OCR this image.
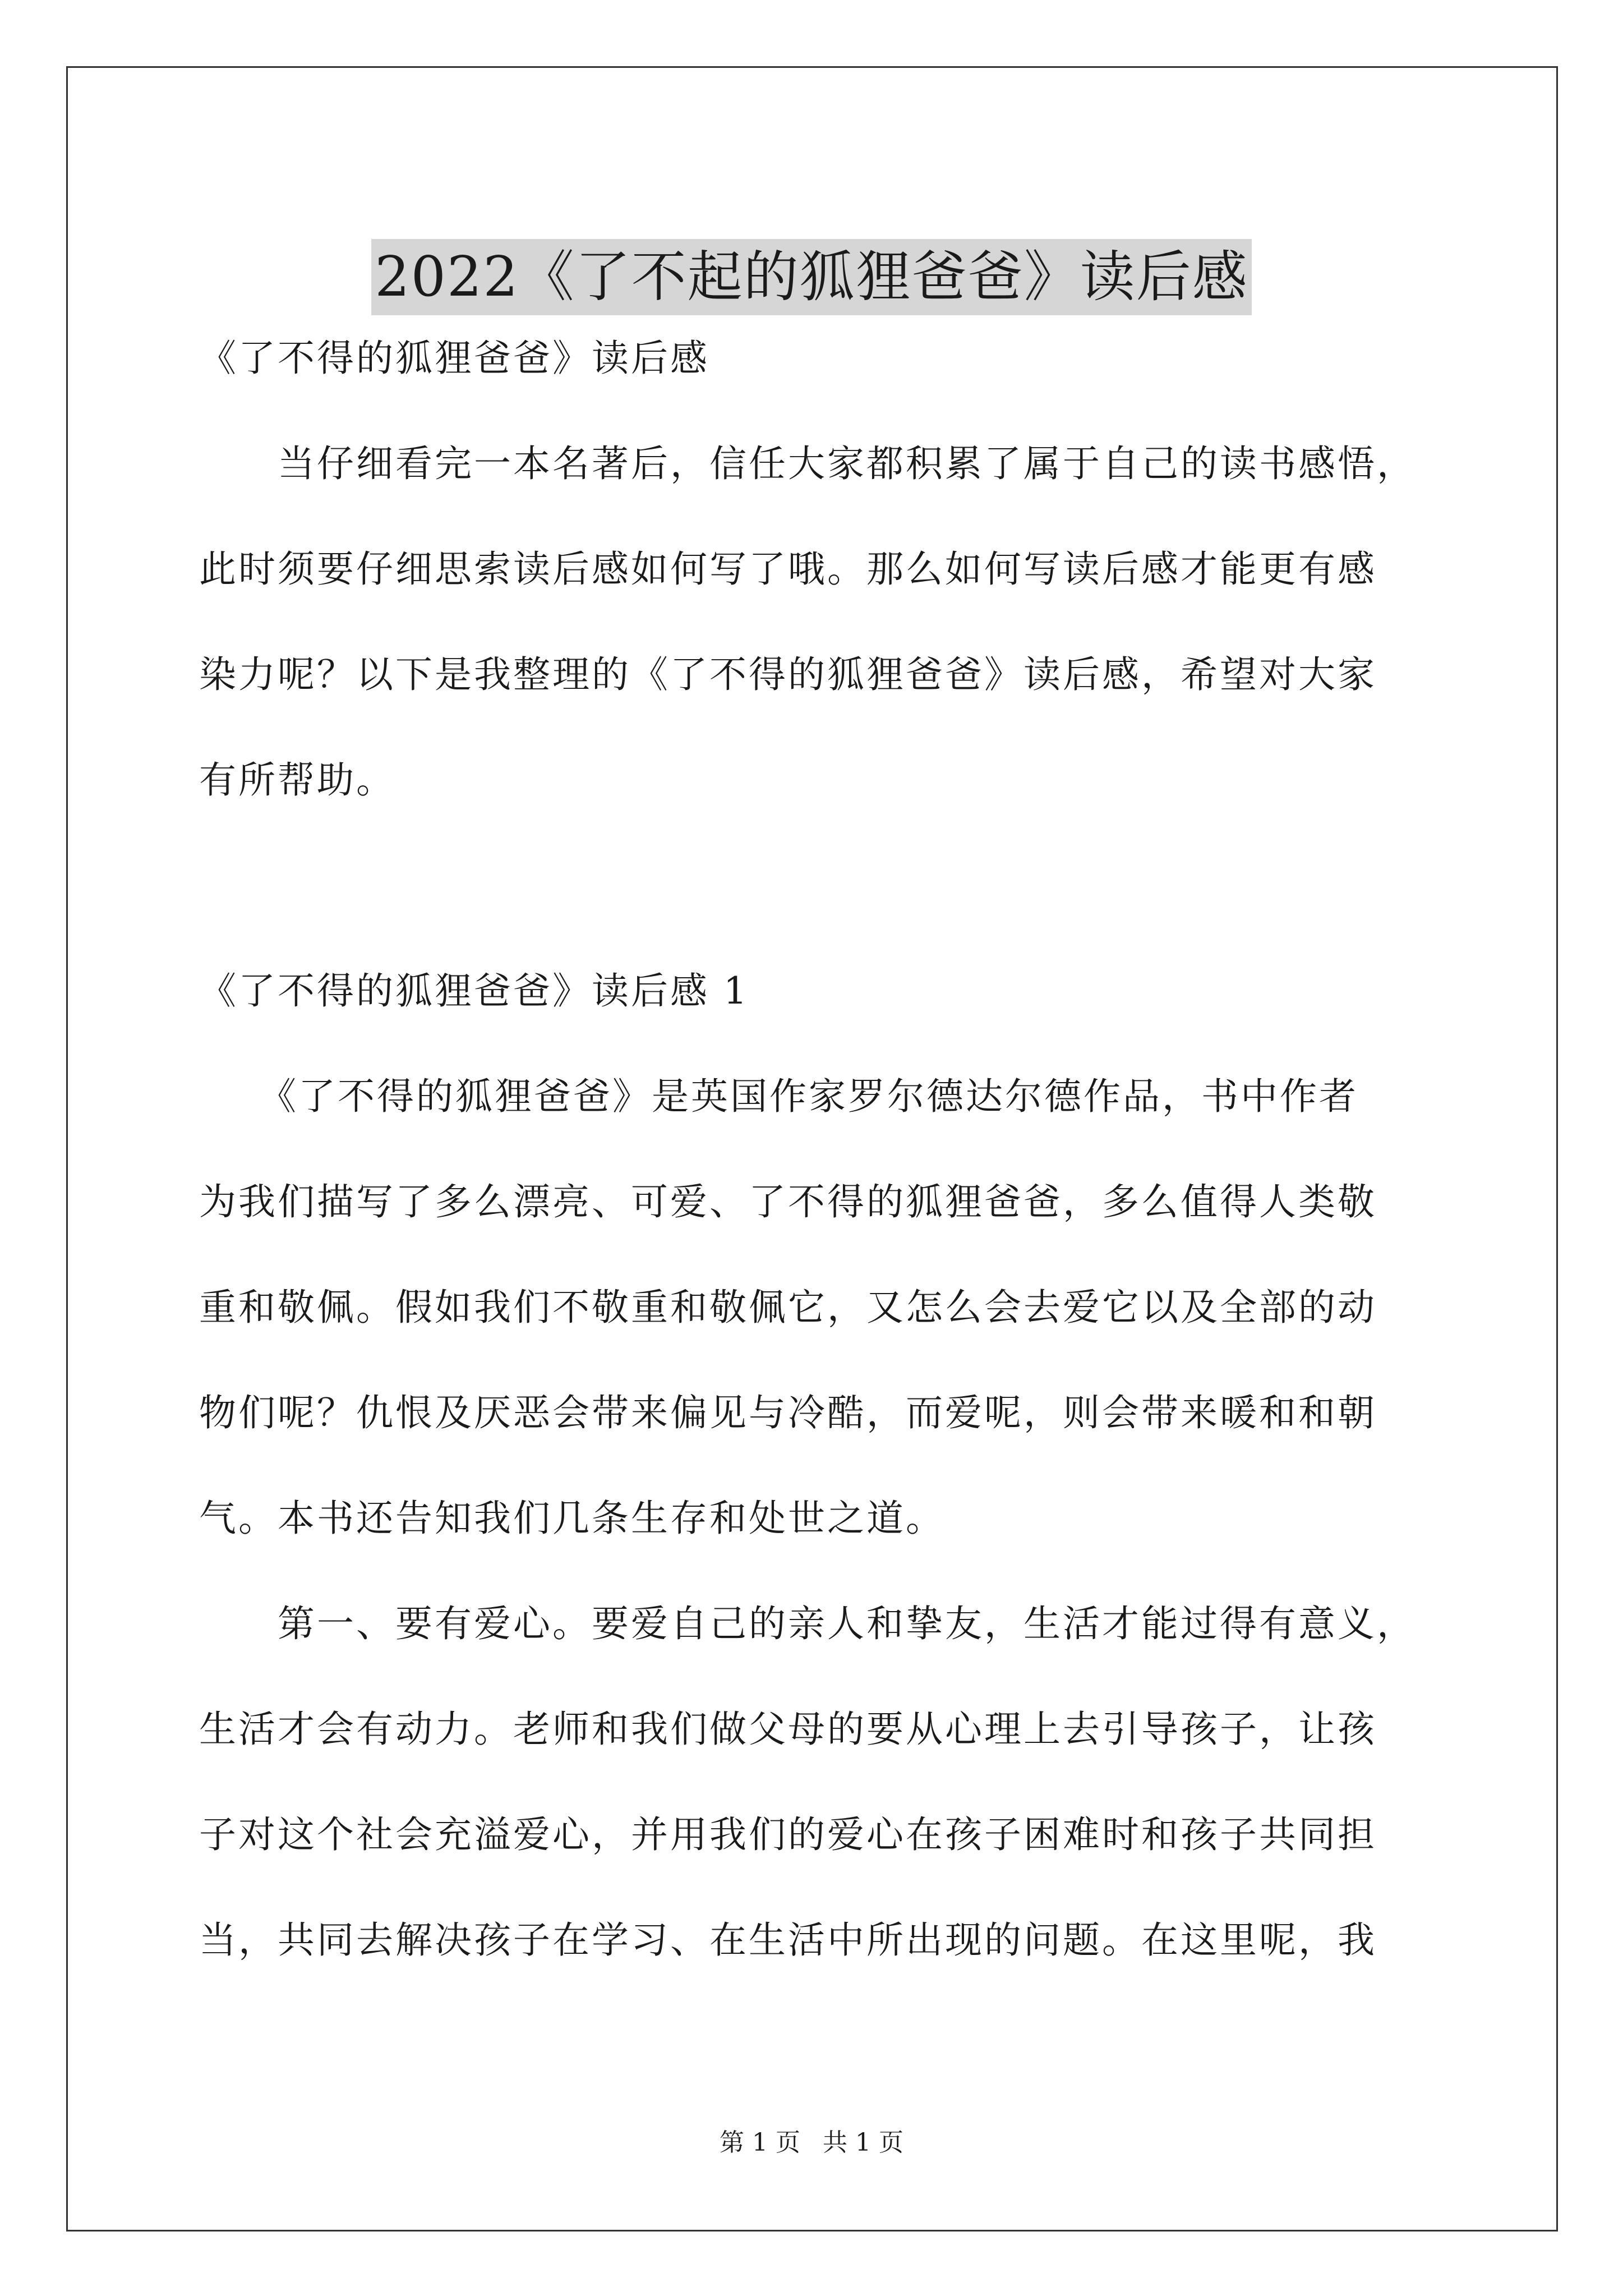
2022《了不起的狐狸爸爸》读后感
《了不得的狐狸爸爸》读后感
　　当仔细看完一本名著后，信任大家都积累了属于自己的读书感悟，
此时须要仔细思索读后感如何写了哦。那么如何写读后感才能更有感
染力呢？以下是我整理的《了不得的狐狸爸爸》读后感，希望对大家
有所帮助。
《了不得的狐狸爸爸》读后感 1
　　《了不得的狐狸爸爸》是英国作家罗尔德达尔德作品，书中作者
为我们描写了多么漂亮、可爱、了不得的狐狸爸爸，多么值得人类敬
重和敬佩。假如我们不敬重和敬佩它，又怎么会去爱它以及全部的动
物们呢？仇恨及厌恶会带来偏见与冷酷，而爱呢，则会带来暖和和朝
气。本书还告知我们几条生存和处世之道。
　　第一、要有爱心。要爱自己的亲人和挚友，生活才能过得有意义，
生活才会有动力。老师和我们做父母的要从心理上去引导孩子，让孩
子对这个社会充溢爱心，并用我们的爱心在孩子困难时和孩子共同担
当，共同去解决孩子在学习、在生活中所出现的问题。在这里呢，我
第 1 页 共 1 页
